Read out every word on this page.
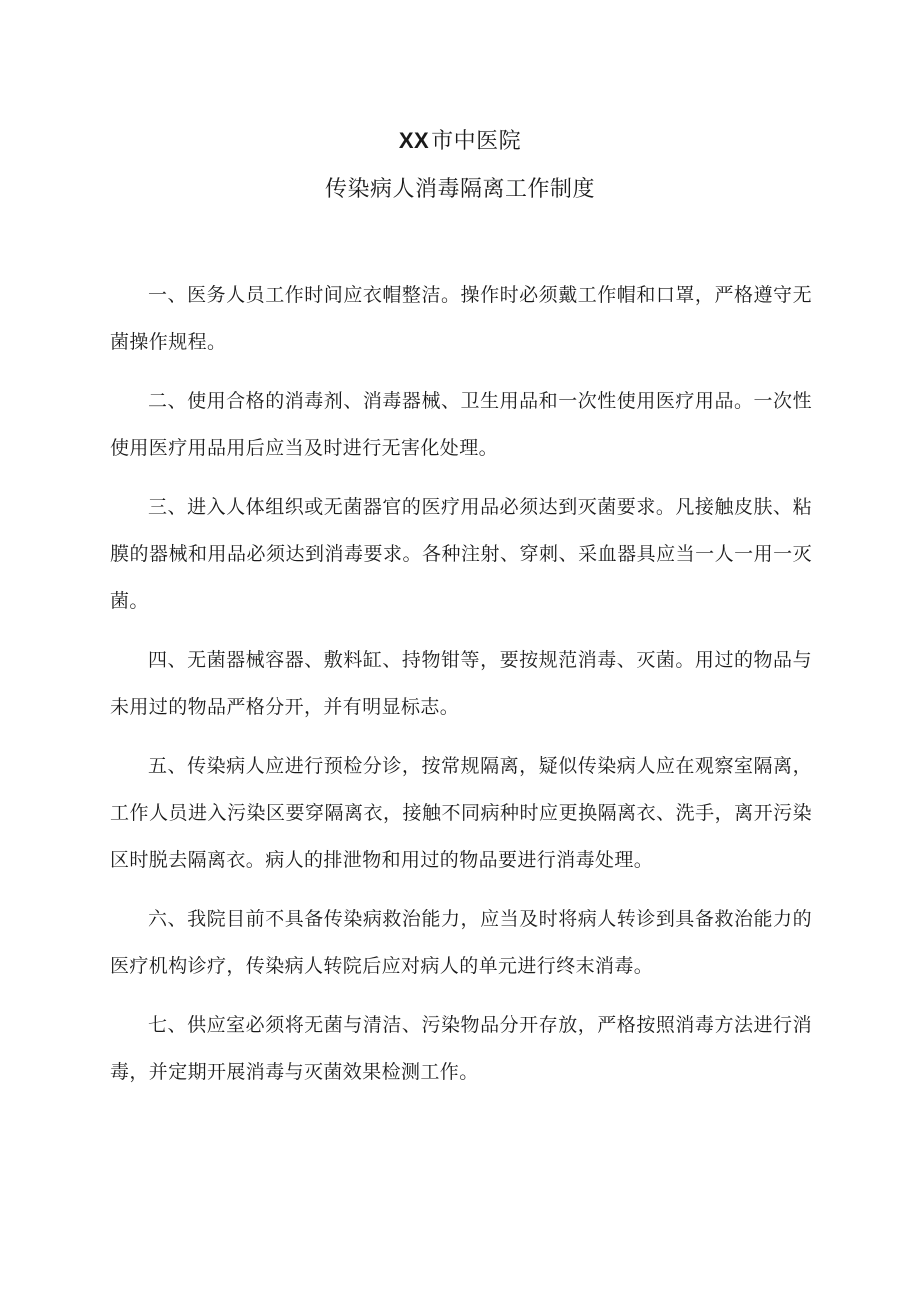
XX市中医院
传染病人消毒隔离工作制度

一、医务人员工作时间应衣帽整洁。操作时必须戴工作帽和口罩，严格遵守无菌操作规程。

二、使用合格的消毒剂、消毒器械、卫生用品和一次性使用医疗用品。一次性使用医疗用品用后应当及时进行无害化处理。

三、进入人体组织或无菌器官的医疗用品必须达到灭菌要求。凡接触皮肤、粘膜的器械和用品必须达到消毒要求。各种注射、穿刺、采血器具应当一人一用一灭菌。

四、无菌器械容器、敷料缸、持物钳等，要按规范消毒、灭菌。用过的物品与未用过的物品严格分开，并有明显标志。

五、传染病人应进行预检分诊，按常规隔离，疑似传染病人应在观察室隔离，工作人员进入污染区要穿隔离衣，接触不同病种时应更换隔离衣、洗手，离开污染区时脱去隔离衣。病人的排泄物和用过的物品要进行消毒处理。

六、我院目前不具备传染病救治能力，应当及时将病人转诊到具备救治能力的医疗机构诊疗，传染病人转院后应对病人的单元进行终末消毒。

七、供应室必须将无菌与清洁、污染物品分开存放，严格按照消毒方法进行消毒，并定期开展消毒与灭菌效果检测工作。
